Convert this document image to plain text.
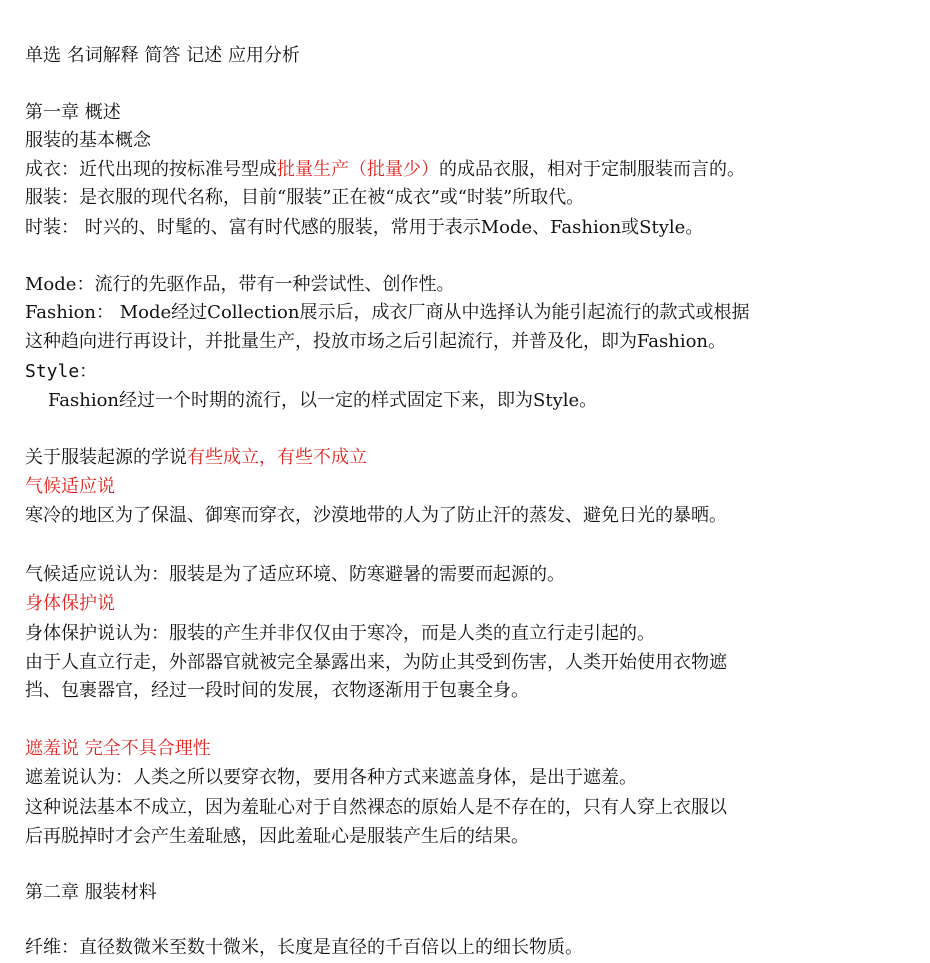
单选 名词解释 简答 记述 应用分析
第一章 概述
服装的基本概念
成衣：近代出现的按标准号型成批量生产（批量少）的成品衣服，相对于定制服装而言的。
服装：是衣服的现代名称，目前“服装”正在被“成衣”或“时装”所取代。
时装： 时兴的、时髦的、富有时代感的服装，常用于表示Mode、Fashion或Style。
Mode：流行的先驱作品，带有一种尝试性、创作性。
Fashion： Mode经过Collection展示后，成衣厂商从中选择认为能引起流行的款式或根据
这种趋向进行再设计，并批量生产，投放市场之后引起流行，并普及化，即为Fashion。
Style：
Fashion经过一个时期的流行，以一定的样式固定下来，即为Style。
关于服装起源的学说有些成立，有些不成立
气候适应说
寒冷的地区为了保温、御寒而穿衣，沙漠地带的人为了防止汗的蒸发、避免日光的暴晒。
气候适应说认为：服装是为了适应环境、防寒避暑的需要而起源的。
身体保护说
身体保护说认为：服装的产生并非仅仅由于寒冷，而是人类的直立行走引起的。
由于人直立行走，外部器官就被完全暴露出来，为防止其受到伤害，人类开始使用衣物遮
挡、包裹器官，经过一段时间的发展，衣物逐渐用于包裹全身。
遮羞说 完全不具合理性
遮羞说认为：人类之所以要穿衣物，要用各种方式来遮盖身体，是出于遮羞。
这种说法基本不成立，因为羞耻心对于自然裸态的原始人是不存在的，只有人穿上衣服以
后再脱掉时才会产生羞耻感，因此羞耻心是服装产生后的结果。
第二章 服装材料
纤维：直径数微米至数十微米，长度是直径的千百倍以上的细长物质。
